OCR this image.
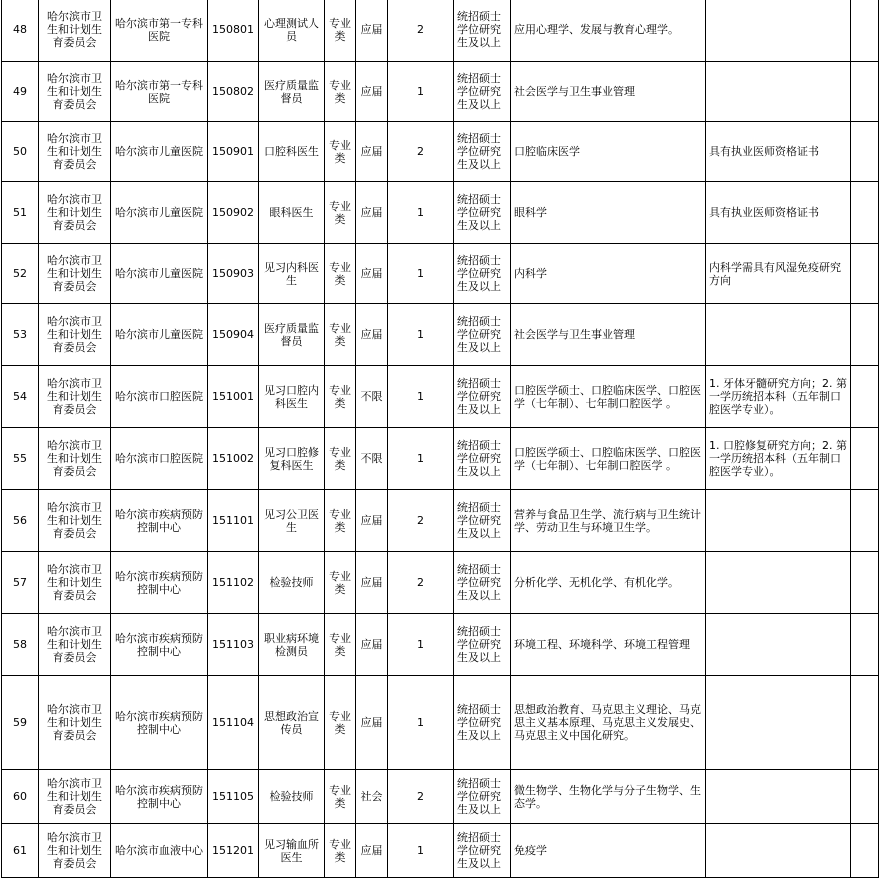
48	哈尔滨市卫生和计划生育委员会	哈尔滨市第一专科医院	150801	心理测试人员	专业类	应届	2	统招硕士学位研究生及以上	应用心理学、发展与教育心理学。		
49	哈尔滨市卫生和计划生育委员会	哈尔滨市第一专科医院	150802	医疗质量监督员	专业类	应届	1	统招硕士学位研究生及以上	社会医学与卫生事业管理		
50	哈尔滨市卫生和计划生育委员会	哈尔滨市儿童医院	150901	口腔科医生	专业类	应届	2	统招硕士学位研究生及以上	口腔临床医学	具有执业医师资格证书	
51	哈尔滨市卫生和计划生育委员会	哈尔滨市儿童医院	150902	眼科医生	专业类	应届	1	统招硕士学位研究生及以上	眼科学	具有执业医师资格证书	
52	哈尔滨市卫生和计划生育委员会	哈尔滨市儿童医院	150903	见习内科医生	专业类	应届	1	统招硕士学位研究生及以上	内科学	内科学需具有风湿免疫研究方向	
53	哈尔滨市卫生和计划生育委员会	哈尔滨市儿童医院	150904	医疗质量监督员	专业类	应届	1	统招硕士学位研究生及以上	社会医学与卫生事业管理		
54	哈尔滨市卫生和计划生育委员会	哈尔滨市口腔医院	151001	见习口腔内科医生	专业类	不限	1	统招硕士学位研究生及以上	口腔医学硕士、口腔临床医学、口腔医学（七年制）、七年制口腔医学 。	1. 牙体牙髓研究方向；2. 第一学历统招本科（五年制口腔医学专业）。	
55	哈尔滨市卫生和计划生育委员会	哈尔滨市口腔医院	151002	见习口腔修复科医生	专业类	不限	1	统招硕士学位研究生及以上	口腔医学硕士、口腔临床医学、口腔医学（七年制）、七年制口腔医学 。	1. 口腔修复研究方向；2. 第一学历统招本科（五年制口腔医学专业）。	
56	哈尔滨市卫生和计划生育委员会	哈尔滨市疾病预防控制中心	151101	见习公卫医生	专业类	应届	2	统招硕士学位研究生及以上	营养与食品卫生学、流行病与卫生统计学、劳动卫生与环境卫生学。		
57	哈尔滨市卫生和计划生育委员会	哈尔滨市疾病预防控制中心	151102	检验技师	专业类	应届	2	统招硕士学位研究生及以上	分析化学、无机化学、有机化学。		
58	哈尔滨市卫生和计划生育委员会	哈尔滨市疾病预防控制中心	151103	职业病环境检测员	专业类	应届	1	统招硕士学位研究生及以上	环境工程、环境科学、环境工程管理		
59	哈尔滨市卫生和计划生育委员会	哈尔滨市疾病预防控制中心	151104	思想政治宣传员	专业类	应届	1	统招硕士学位研究生及以上	思想政治教育、马克思主义理论、马克思主义基本原理、马克思主义发展史、马克思主义中国化研究。		
60	哈尔滨市卫生和计划生育委员会	哈尔滨市疾病预防控制中心	151105	检验技师	专业类	社会	2	统招硕士学位研究生及以上	微生物学、生物化学与分子生物学、生态学。		
61	哈尔滨市卫生和计划生育委员会	哈尔滨市血液中心	151201	见习输血所医生	专业类	应届	1	统招硕士学位研究生及以上	免疫学		
